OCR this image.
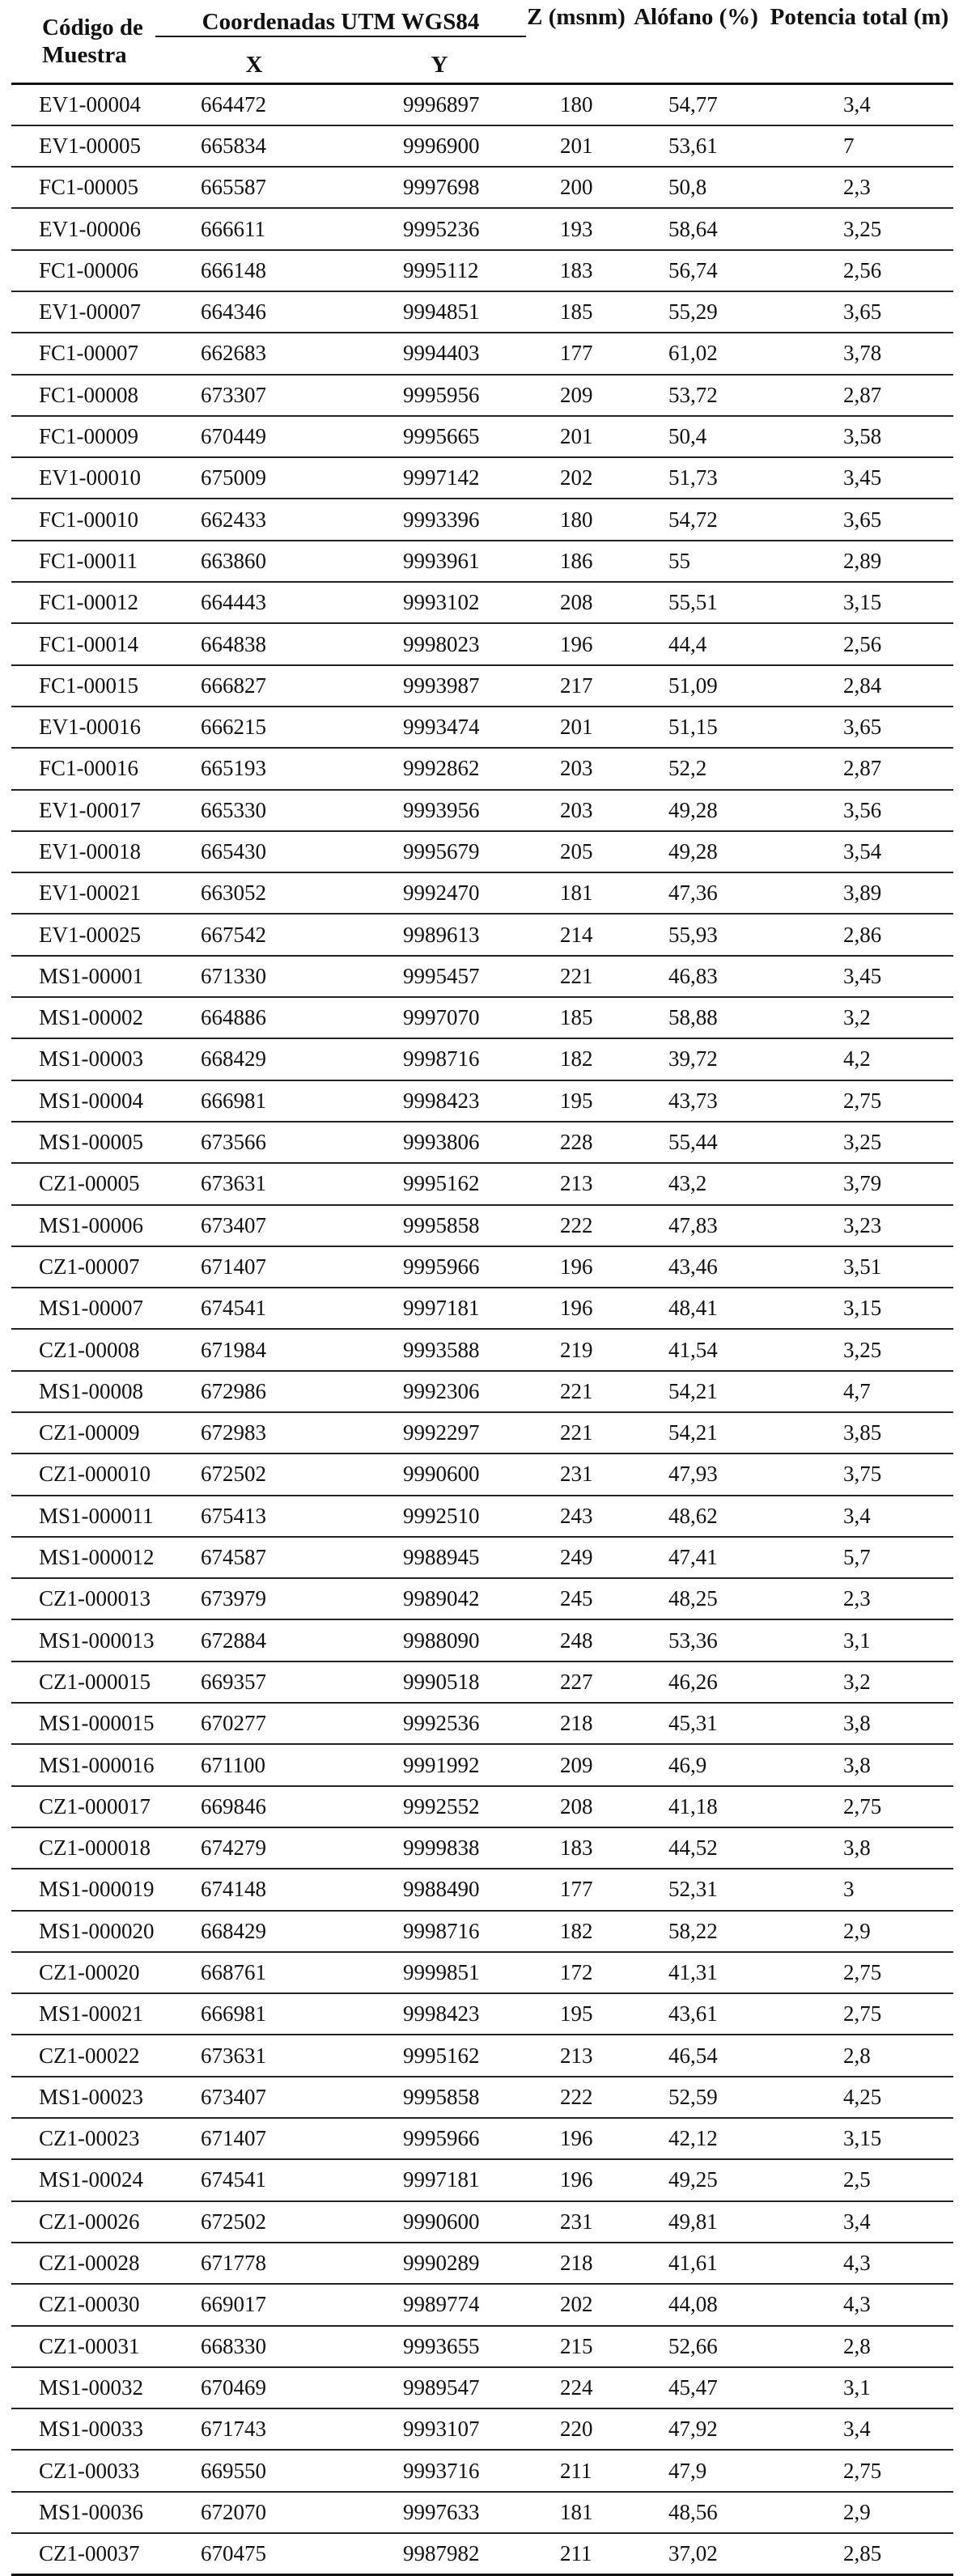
Código de Muestra	Coordenadas UTM WGS84		Z (msnm)	Alófano (%)	Potencia total (m)
	X	Y			
EV1-00004	664472	9996897	180	54,77	3,4
EV1-00005	665834	9996900	201	53,61	7
FC1-00005	665587	9997698	200	50,8	2,3
EV1-00006	666611	9995236	193	58,64	3,25
FC1-00006	666148	9995112	183	56,74	2,56
EV1-00007	664346	9994851	185	55,29	3,65
FC1-00007	662683	9994403	177	61,02	3,78
FC1-00008	673307	9995956	209	53,72	2,87
FC1-00009	670449	9995665	201	50,4	3,58
EV1-00010	675009	9997142	202	51,73	3,45
FC1-00010	662433	9993396	180	54,72	3,65
FC1-00011	663860	9993961	186	55	2,89
FC1-00012	664443	9993102	208	55,51	3,15
FC1-00014	664838	9998023	196	44,4	2,56
FC1-00015	666827	9993987	217	51,09	2,84
EV1-00016	666215	9993474	201	51,15	3,65
FC1-00016	665193	9992862	203	52,2	2,87
EV1-00017	665330	9993956	203	49,28	3,56
EV1-00018	665430	9995679	205	49,28	3,54
EV1-00021	663052	9992470	181	47,36	3,89
EV1-00025	667542	9989613	214	55,93	2,86
MS1-00001	671330	9995457	221	46,83	3,45
MS1-00002	664886	9997070	185	58,88	3,2
MS1-00003	668429	9998716	182	39,72	4,2
MS1-00004	666981	9998423	195	43,73	2,75
MS1-00005	673566	9993806	228	55,44	3,25
CZ1-00005	673631	9995162	213	43,2	3,79
MS1-00006	673407	9995858	222	47,83	3,23
CZ1-00007	671407	9995966	196	43,46	3,51
MS1-00007	674541	9997181	196	48,41	3,15
CZ1-00008	671984	9993588	219	41,54	3,25
MS1-00008	672986	9992306	221	54,21	4,7
CZ1-00009	672983	9992297	221	54,21	3,85
CZ1-000010	672502	9990600	231	47,93	3,75
MS1-000011	675413	9992510	243	48,62	3,4
MS1-000012	674587	9988945	249	47,41	5,7
CZ1-000013	673979	9989042	245	48,25	2,3
MS1-000013	672884	9988090	248	53,36	3,1
CZ1-000015	669357	9990518	227	46,26	3,2
MS1-000015	670277	9992536	218	45,31	3,8
MS1-000016	671100	9991992	209	46,9	3,8
CZ1-000017	669846	9992552	208	41,18	2,75
CZ1-000018	674279	9999838	183	44,52	3,8
MS1-000019	674148	9988490	177	52,31	3
MS1-000020	668429	9998716	182	58,22	2,9
CZ1-00020	668761	9999851	172	41,31	2,75
MS1-00021	666981	9998423	195	43,61	2,75
CZ1-00022	673631	9995162	213	46,54	2,8
MS1-00023	673407	9995858	222	52,59	4,25
CZ1-00023	671407	9995966	196	42,12	3,15
MS1-00024	674541	9997181	196	49,25	2,5
CZ1-00026	672502	9990600	231	49,81	3,4
CZ1-00028	671778	9990289	218	41,61	4,3
CZ1-00030	669017	9989774	202	44,08	4,3
CZ1-00031	668330	9993655	215	52,66	2,8
MS1-00032	670469	9989547	224	45,47	3,1
MS1-00033	671743	9993107	220	47,92	3,4
CZ1-00033	669550	9993716	211	47,9	2,75
MS1-00036	672070	9997633	181	48,56	2,9
CZ1-00037	670475	9987982	211	37,02	2,85
